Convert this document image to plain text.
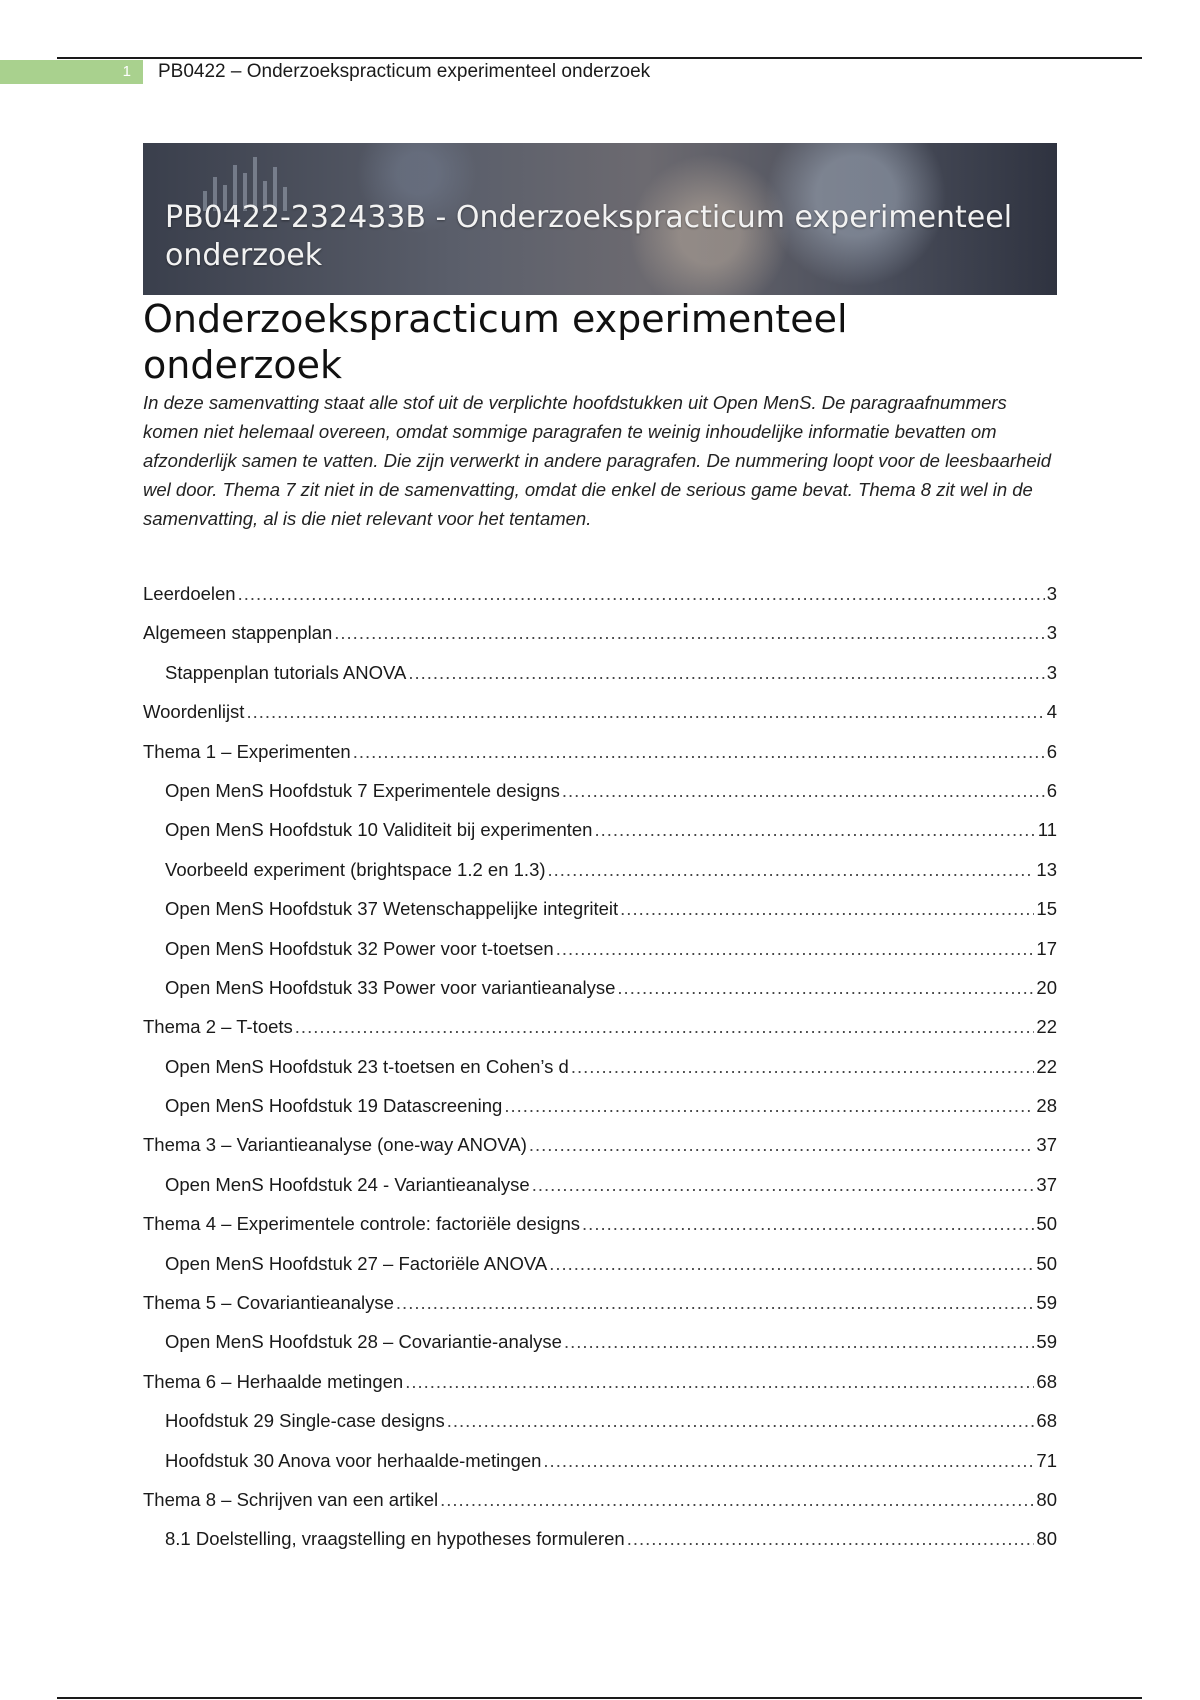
1	PB0422 – Onderzoekspracticum experimenteel onderzoek
PB0422-232433B - Onderzoekspracticum experimenteel onderzoek
Onderzoekspracticum experimenteel onderzoek

In deze samenvatting staat alle stof uit de verplichte hoofdstukken uit Open MenS. De paragraafnummers komen niet helemaal overeen, omdat sommige paragrafen te weinig inhoudelijke informatie bevatten om afzonderlijk samen te vatten. Die zijn verwerkt in andere paragrafen. De nummering loopt voor de leesbaarheid wel door. Thema 7 zit niet in de samenvatting, omdat die enkel de serious game bevat. Thema 8 zit wel in de samenvatting, al is die niet relevant voor het tentamen.

Leerdoelen .....	3
Algemeen stappenplan .....	3
Stappenplan tutorials ANOVA .....	3
Woordenlijst .....	4
Thema 1 – Experimenten .....	6
Open MenS Hoofdstuk 7 Experimentele designs .....	6
Open MenS Hoofdstuk 10 Validiteit bij experimenten .....	11
Voorbeeld experiment (brightspace 1.2 en 1.3) .....	13
Open MenS Hoofdstuk 37 Wetenschappelijke integriteit .....	15
Open MenS Hoofdstuk 32 Power voor t-toetsen .....	17
Open MenS Hoofdstuk 33 Power voor variantieanalyse .....	20
Thema 2 – T-toets .....	22
Open MenS Hoofdstuk 23 t-toetsen en Cohen’s d .....	22
Open MenS Hoofdstuk 19 Datascreening .....	28
Thema 3 – Variantieanalyse (one-way ANOVA) .....	37
Open MenS Hoofdstuk 24 - Variantieanalyse .....	37
Thema 4 – Experimentele controle: factoriële designs .....	50
Open MenS Hoofdstuk 27 – Factoriële ANOVA .....	50
Thema 5 – Covariantieanalyse .....	59
Open MenS Hoofdstuk 28 – Covariantie-analyse .....	59
Thema 6 – Herhaalde metingen .....	68
Hoofdstuk 29 Single-case designs .....	68
Hoofdstuk 30 Anova voor herhaalde-metingen .....	71
Thema 8 – Schrijven van een artikel .....	80
8.1 Doelstelling, vraagstelling en hypotheses formuleren .....	80
